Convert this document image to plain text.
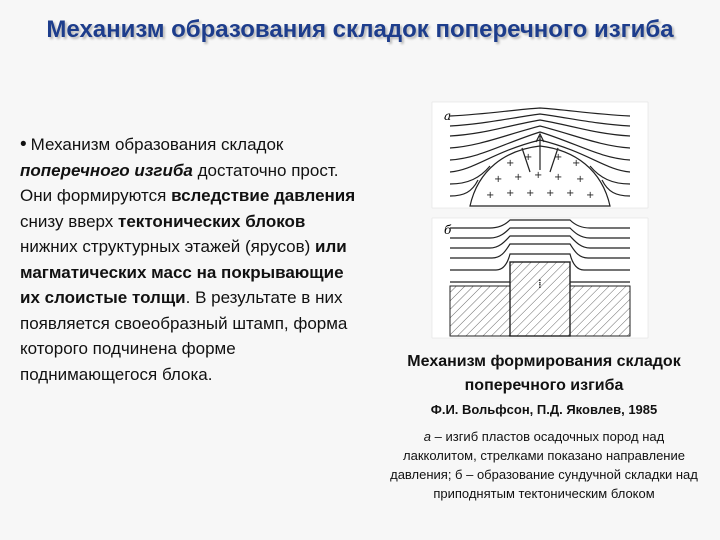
Механизм образования складок поперечного изгиба
• Механизм образования складок поперечного изгиба достаточно прост. Они формируются вследствие давления снизу вверх тектонических блоков нижних структурных этажей (ярусов) или магматических масс на покрывающие их слоистые толщи. В результате в них появляется своеобразный штамп, форма которого подчинена форме поднимающегося блока.
а
+
+ +
+
+ + + + +
+ + + + + +
б
⁞
Механизм формирования складок поперечного изгиба
Ф.И. Вольфсон, П.Д. Яковлев, 1985
а – изгиб пластов осадочных пород над лакколитом, стрелками показано направление давления; б – образование сундучной складки над приподнятым тектоническим блоком
